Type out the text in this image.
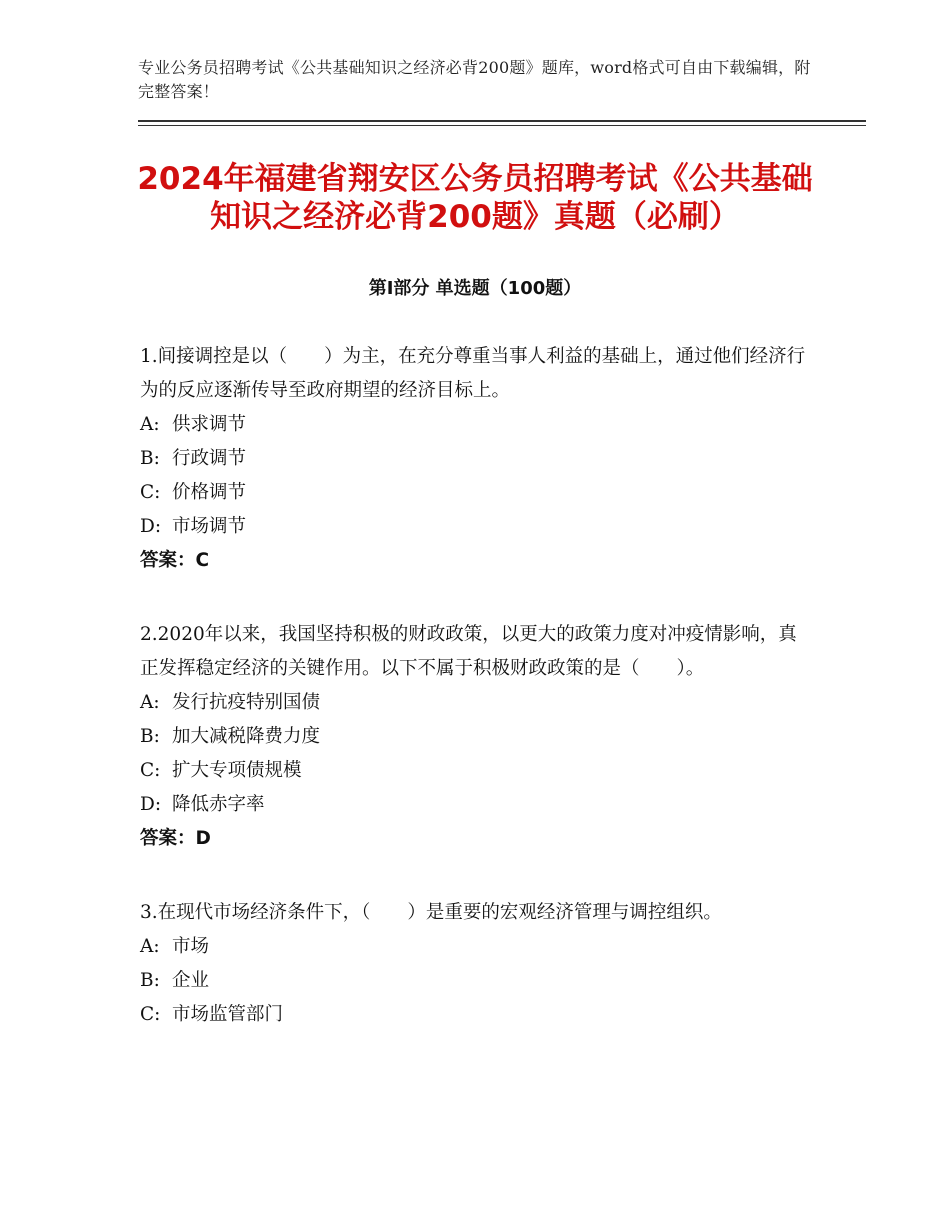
专业公务员招聘考试《公共基础知识之经济必背200题》题库，word格式可自由下载编辑，附完整答案！
2024年福建省翔安区公务员招聘考试《公共基础知识之经济必背200题》真题（必刷）
第Ⅰ部分 单选题（100题）

1.间接调控是以（　　）为主，在充分尊重当事人利益的基础上，通过他们经济行为的反应逐渐传导至政府期望的经济目标上。

A: 供求调节

B: 行政调节

C: 价格调节

D: 市场调节

答案：C

2.2020年以来，我国坚持积极的财政政策，以更大的政策力度对冲疫情影响，真正发挥稳定经济的关键作用。以下不属于积极财政政策的是（　　）。

A: 发行抗疫特别国债

B: 加大减税降费力度

C: 扩大专项债规模

D: 降低赤字率

答案：D

3.在现代市场经济条件下，（　　）是重要的宏观经济管理与调控组织。

A: 市场

B: 企业

C: 市场监管部门
